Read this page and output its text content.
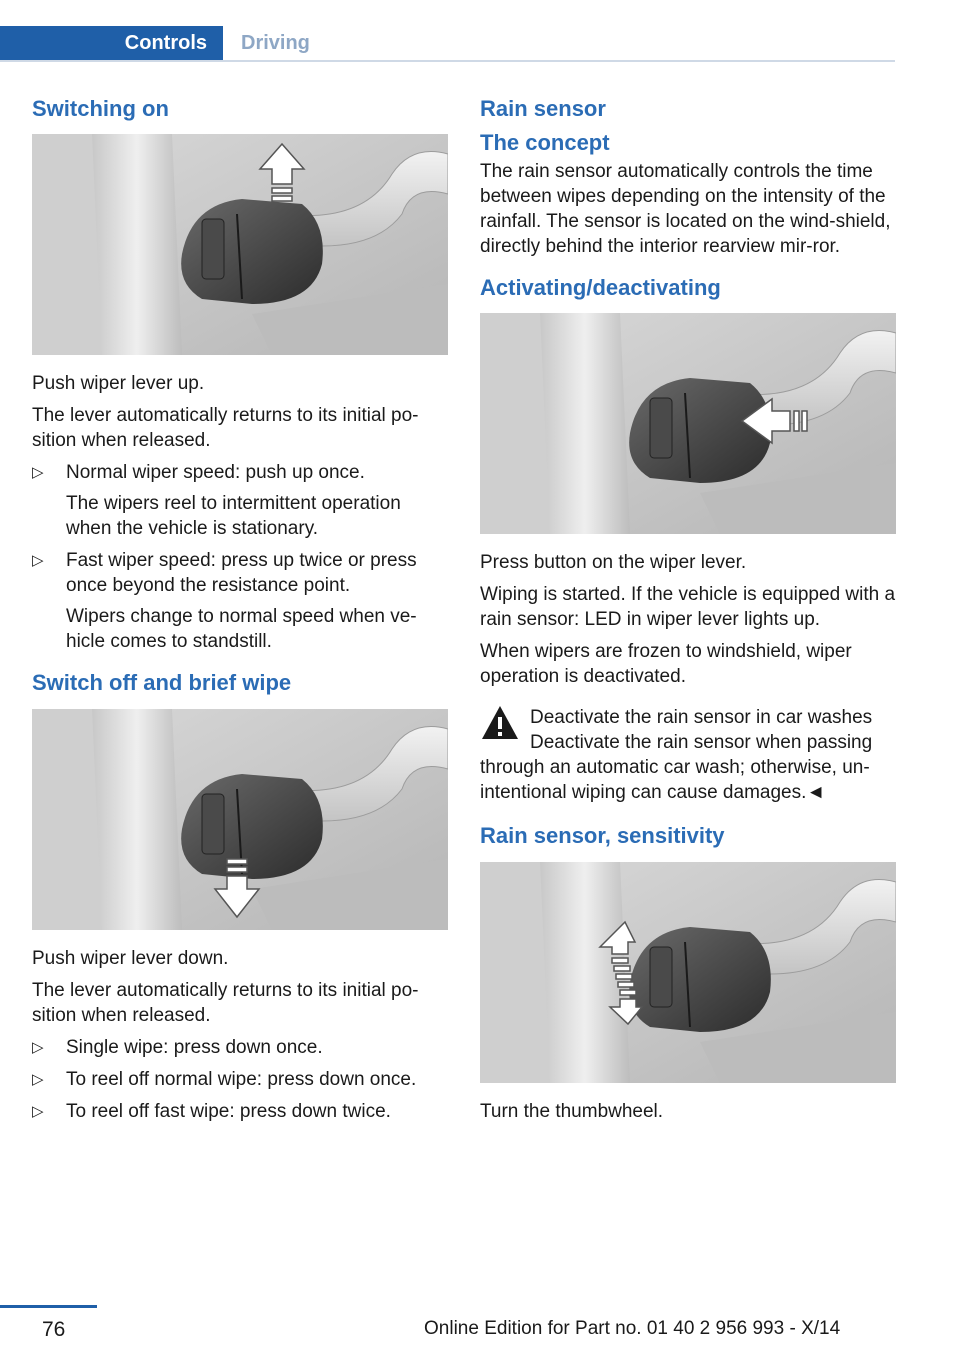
Controls	Driving
Switching on

Push wiper lever up.

The lever automatically returns to its initial po-sition when released.

▷ Normal wiper speed: push up once.

The wipers reel to intermittent operation when the vehicle is stationary.

▷ Fast wiper speed: press up twice or press once beyond the resistance point.

Wipers change to normal speed when ve-hicle comes to standstill.

Switch off and brief wipe

Push wiper lever down.

The lever automatically returns to its initial po-sition when released.

▷ Single wipe: press down once.

▷ To reel off normal wipe: press down once.

▷ To reel off fast wipe: press down twice.

Rain sensor
The concept

The rain sensor automatically controls the time between wipes depending on the intensity of the rainfall. The sensor is located on the wind-shield, directly behind the interior rearview mir-ror.

Activating/deactivating

Press button on the wiper lever.

Wiping is started. If the vehicle is equipped with a rain sensor: LED in wiper lever lights up.

When wipers are frozen to windshield, wiper operation is deactivated.

Deactivate the rain sensor in car washes

Deactivate the rain sensor when passing through an automatic car wash; otherwise, un-intentional wiping can cause damages.◄

Rain sensor, sensitivity

Turn the thumbwheel.

76	Online Edition for Part no. 01 40 2 956 993 - X/14
